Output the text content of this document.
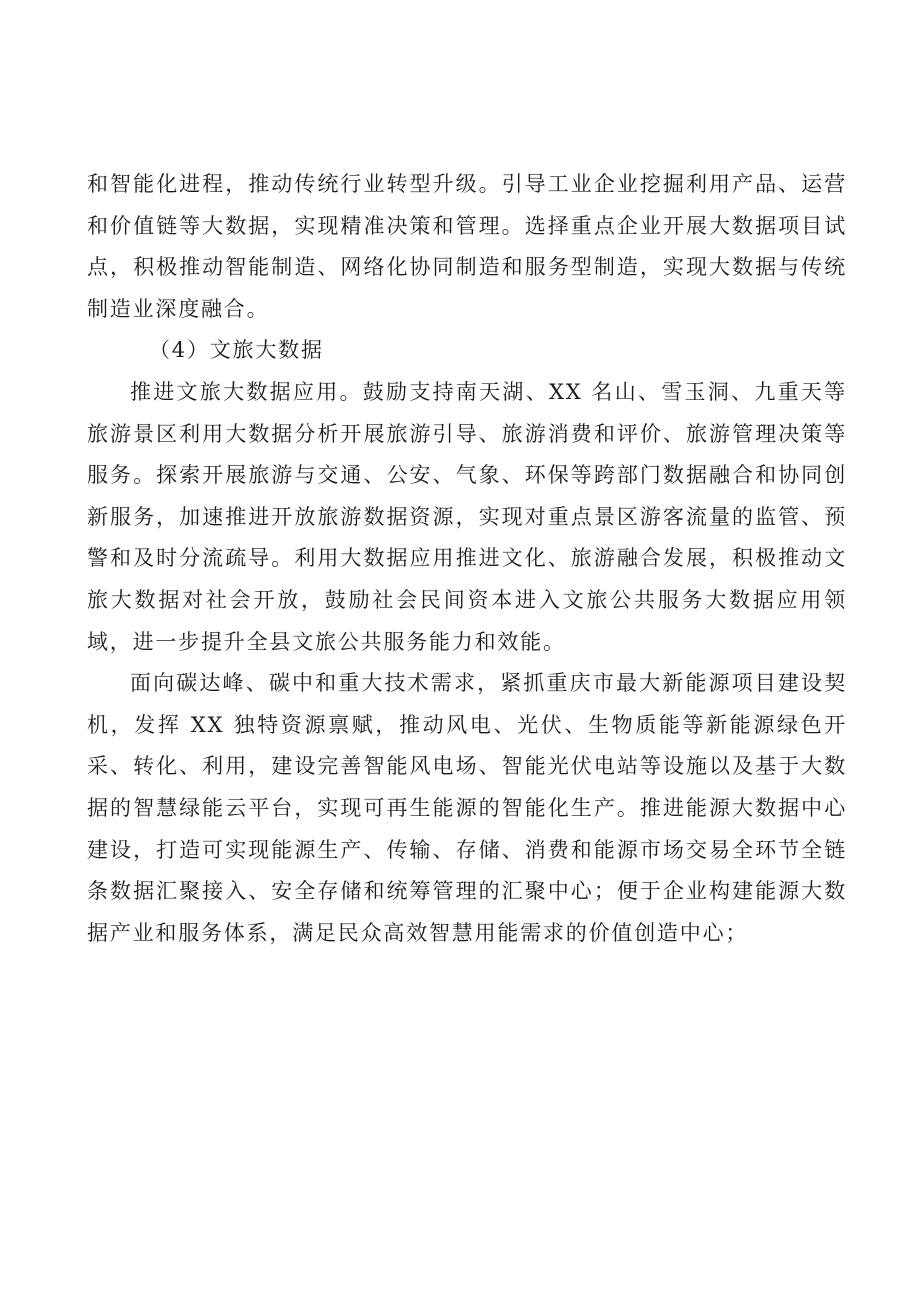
和智能化进程，推动传统行业转型升级。引导工业企业挖掘利用产品、运营和价值链等大数据，实现精准决策和管理。选择重点企业开展大数据项目试点，积极推动智能制造、网络化协同制造和服务型制造，实现大数据与传统制造业深度融合。

（4）文旅大数据

推进文旅大数据应用。鼓励支持南天湖、XX 名山、雪玉洞、九重天等旅游景区利用大数据分析开展旅游引导、旅游消费和评价、旅游管理决策等服务。探索开展旅游与交通、公安、气象、环保等跨部门数据融合和协同创新服务，加速推进开放旅游数据资源，实现对重点景区游客流量的监管、预警和及时分流疏导。利用大数据应用推进文化、旅游融合发展，积极推动文旅大数据对社会开放，鼓励社会民间资本进入文旅公共服务大数据应用领域，进一步提升全县文旅公共服务能力和效能。

面向碳达峰、碳中和重大技术需求，紧抓重庆市最大新能源项目建设契机，发挥 XX 独特资源禀赋，推动风电、光伏、生物质能等新能源绿色开采、转化、利用，建设完善智能风电场、智能光伏电站等设施以及基于大数据的智慧绿能云平台，实现可再生能源的智能化生产。推进能源大数据中心建设，打造可实现能源生产、传输、存储、消费和能源市场交易全环节全链条数据汇聚接入、安全存储和统筹管理的汇聚中心；便于企业构建能源大数据产业和服务体系，满足民众高效智慧用能需求的价值创造中心；
